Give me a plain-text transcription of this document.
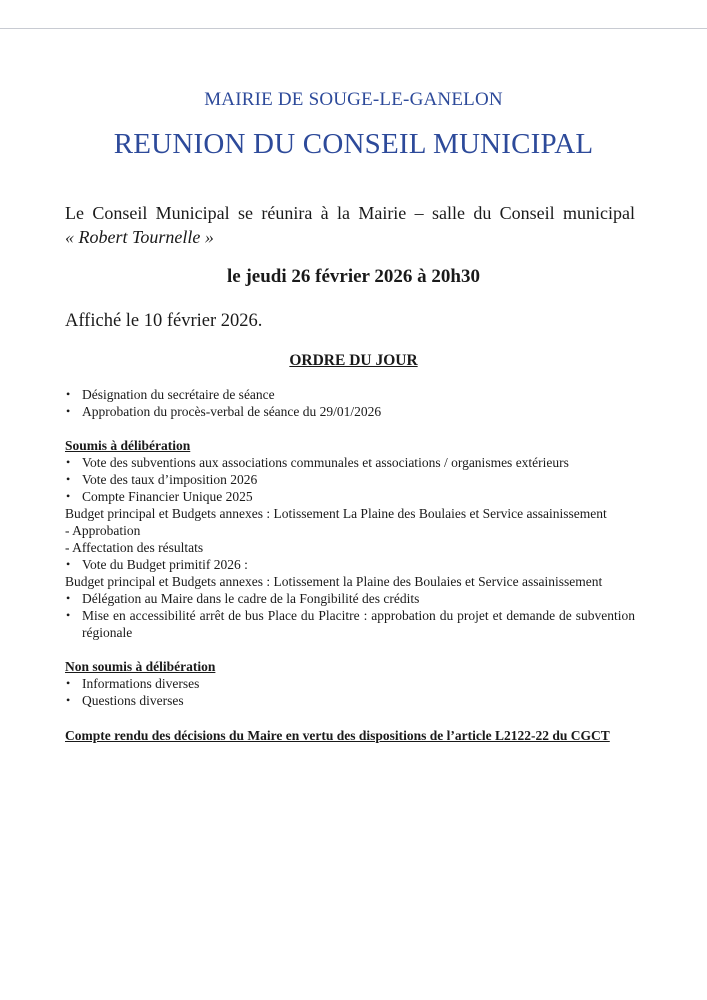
MAIRIE DE SOUGE-LE-GANELON
REUNION DU CONSEIL MUNICIPAL
Le Conseil Municipal se réunira à la Mairie – salle du Conseil municipal
« Robert Tournelle »
le jeudi 26 février 2026 à 20h30
Affiché le 10 février 2026.
ORDRE DU JOUR
• Désignation du secrétaire de séance
• Approbation du procès-verbal de séance du 29/01/2026
Soumis à délibération
• Vote des subventions aux associations communales et associations / organismes extérieurs
• Vote des taux d’imposition 2026
• Compte Financier Unique 2025
Budget principal et Budgets annexes : Lotissement La Plaine des Boulaies et Service assainissement
- Approbation
- Affectation des résultats
• Vote du Budget primitif 2026 :
Budget principal et Budgets annexes : Lotissement la Plaine des Boulaies et Service assainissement
• Délégation au Maire dans le cadre de la Fongibilité des crédits
• Mise en accessibilité arrêt de bus Place du Placitre : approbation du projet et demande de subvention régionale
Non soumis à délibération
• Informations diverses
• Questions diverses
Compte rendu des décisions du Maire en vertu des dispositions de l’article L2122-22 du CGCT
